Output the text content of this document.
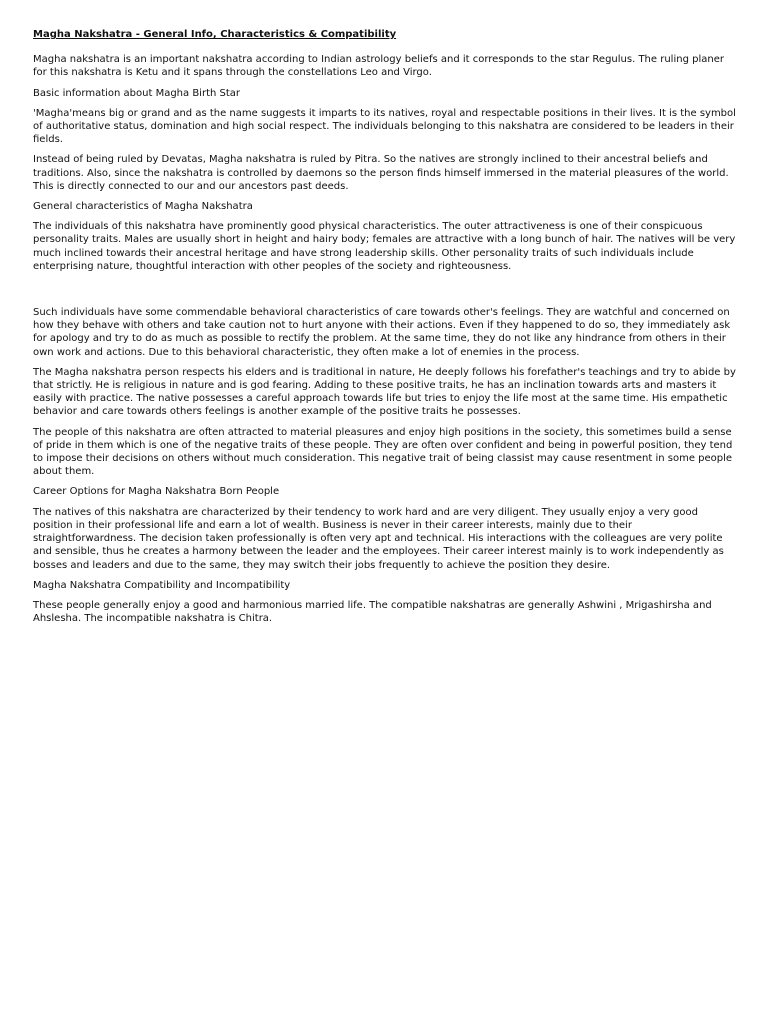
Magha Nakshatra - General Info, Characteristics & Compatibility

Magha nakshatra is an important nakshatra according to Indian astrology beliefs and it corresponds to the star Regulus. The ruling planer for this nakshatra is Ketu and it spans through the constellations Leo and Virgo.

Basic information about Magha Birth Star

'Magha'means big or grand and as the name suggests it imparts to its natives, royal and respectable positions in their lives. It is the symbol of authoritative status, domination and high social respect. The individuals belonging to this nakshatra are considered to be leaders in their fields.

Instead of being ruled by Devatas, Magha nakshatra is ruled by Pitra. So the natives are strongly inclined to their ancestral beliefs and traditions. Also, since the nakshatra is controlled by daemons so the person finds himself immersed in the material pleasures of the world. This is directly connected to our and our ancestors past deeds.

General characteristics of Magha Nakshatra

The individuals of this nakshatra have prominently good physical characteristics. The outer attractiveness is one of their conspicuous personality traits. Males are usually short in height and hairy body; females are attractive with a long bunch of hair. The natives will be very much inclined towards their ancestral heritage and have strong leadership skills. Other personality traits of such individuals include enterprising nature, thoughtful interaction with other peoples of the society and righteousness.

Such individuals have some commendable behavioral characteristics of care towards other's feelings. They are watchful and concerned on how they behave with others and take caution not to hurt anyone with their actions. Even if they happened to do so, they immediately ask for apology and try to do as much as possible to rectify the problem. At the same time, they do not like any hindrance from others in their own work and actions. Due to this behavioral characteristic, they often make a lot of enemies in the process.

The Magha nakshatra person respects his elders and is traditional in nature, He deeply follows his forefather's teachings and try to abide by that strictly. He is religious in nature and is god fearing. Adding to these positive traits, he has an inclination towards arts and masters it easily with practice. The native possesses a careful approach towards life but tries to enjoy the life most at the same time. His empathetic behavior and care towards others feelings is another example of the positive traits he possesses.

The people of this nakshatra are often attracted to material pleasures and enjoy high positions in the society, this sometimes build a sense of pride in them which is one of the negative traits of these people. They are often over confident and being in powerful position, they tend to impose their decisions on others without much consideration. This negative trait of being classist may cause resentment in some people about them.

Career Options for Magha Nakshatra Born People

The natives of this nakshatra are characterized by their tendency to work hard and are very diligent. They usually enjoy a very good position in their professional life and earn a lot of wealth. Business is never in their career interests, mainly due to their straightforwardness. The decision taken professionally is often very apt and technical. His interactions with the colleagues are very polite and sensible, thus he creates a harmony between the leader and the employees. Their career interest mainly is to work independently as bosses and leaders and due to the same, they may switch their jobs frequently to achieve the position they desire.

Magha Nakshatra Compatibility and Incompatibility

These people generally enjoy a good and harmonious married life. The compatible nakshatras are generally Ashwini , Mrigashirsha and Ahslesha. The incompatible nakshatra is Chitra.
